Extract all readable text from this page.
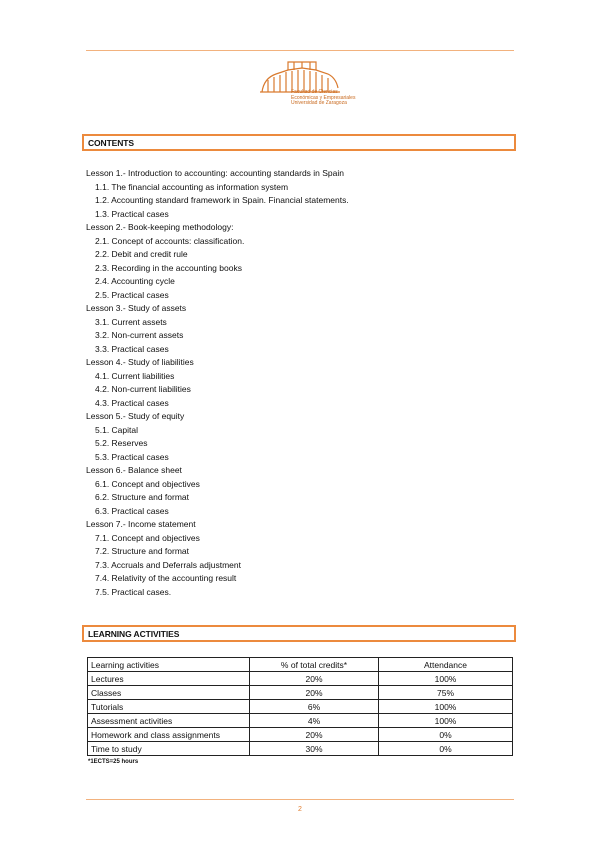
Facultad de Ciencias
Económicas y Empresariales
Universidad de Zaragoza
CONTENTS
Lesson 1.- Introduction to accounting: accounting standards in Spain
1.1. The financial accounting as information system
1.2. Accounting standard framework in Spain. Financial statements.
1.3. Practical cases
Lesson 2.- Book-keeping methodology:
2.1. Concept of accounts: classification.
2.2. Debit and credit rule
2.3. Recording in the accounting books
2.4. Accounting cycle
2.5. Practical cases
Lesson 3.- Study of assets
3.1. Current assets
3.2. Non-current assets
3.3. Practical cases
Lesson 4.- Study of liabilities
4.1. Current liabilities
4.2. Non-current liabilities
4.3. Practical cases
Lesson 5.- Study of equity
5.1. Capital
5.2. Reserves
5.3. Practical cases
Lesson 6.- Balance sheet
6.1. Concept and objectives
6.2. Structure and format
6.3. Practical cases
Lesson 7.- Income statement
7.1. Concept and objectives
7.2. Structure and format
7.3. Accruals and Deferrals adjustment
7.4. Relativity of the accounting result
7.5. Practical cases.
LEARNING ACTIVITIES
Learning activities	% of total credits*	Attendance
Lectures	20%	100%
Classes	20%	75%
Tutorials	6%	100%
Assessment activities	4%	100%
Homework and class assignments	20%	0%
Time to study	30%	0%
*1ECTS=25 hours
2
